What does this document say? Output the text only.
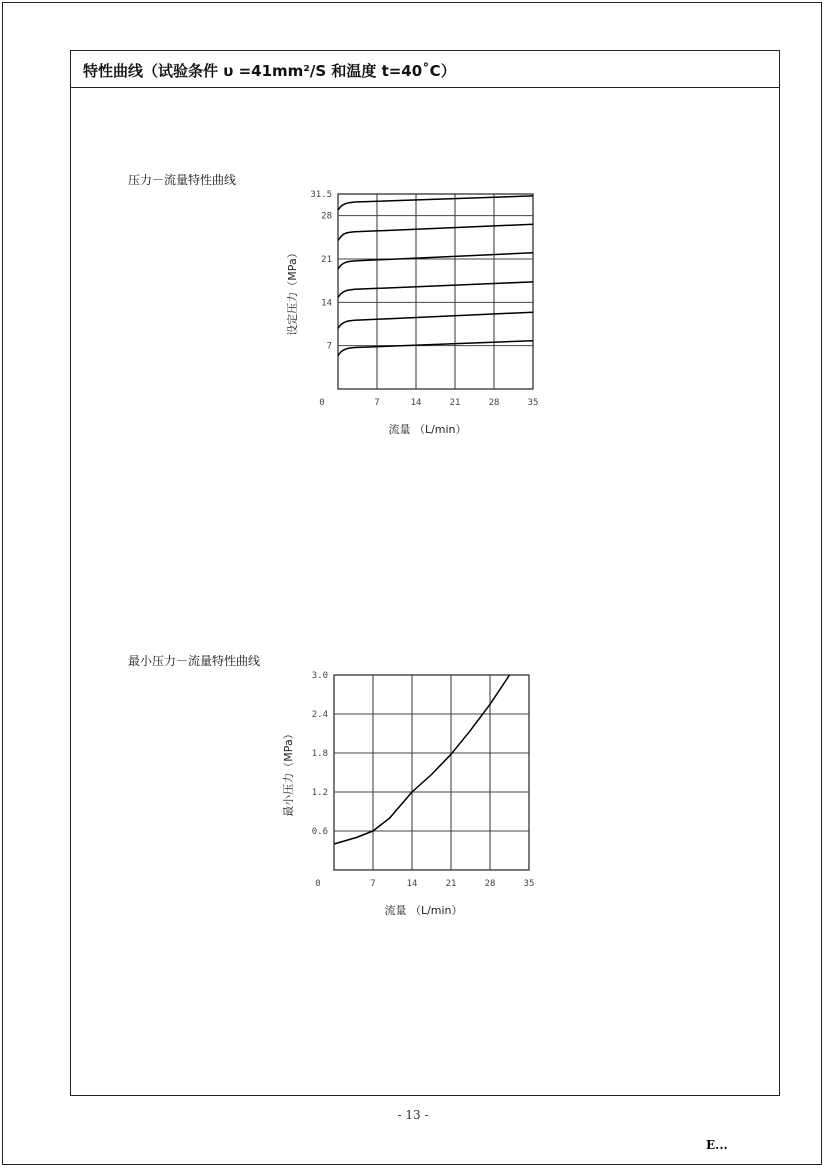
特性曲线（试验条件 υ =41mm²/S 和温度 t=40˚C）
压力－流量特性曲线
最小压力－流量特性曲线
0	7	14	21	28	35
7
14
21
28
31.5
流量 （L/min）
设定压力（MPa）
0	7	14	21	28	35
0.6
1.2
1.8
2.4
3.0
流量 （L/min）
最小压力（MPa）
- 13 -
E...
